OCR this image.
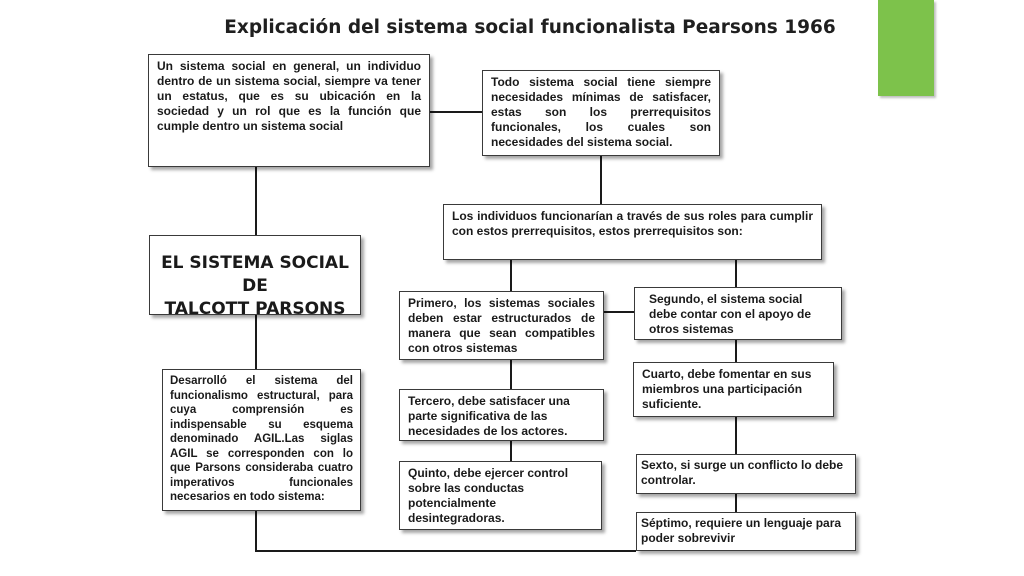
Explicación del sistema social funcionalista Pearsons 1966
Un sistema social en general, un individuo dentro de un sistema social, siempre va tener un estatus, que es su ubicación en la sociedad y un rol que es la función que cumple dentro un sistema social
Todo sistema social tiene siempre necesidades mínimas de satisfacer, estas son los prerrequisitos funcionales, los cuales son necesidades del sistema social.
EL SISTEMA SOCIAL DE
TALCOTT PARSONS
Los individuos funcionarían a través de sus roles para cumplir con estos prerrequisitos, estos prerrequisitos son:
Primero, los sistemas sociales deben estar estructurados de manera que sean compatibles con otros sistemas
Segundo, el sistema social debe contar con el apoyo de otros sistemas
Tercero, debe satisfacer una parte significativa de las necesidades de los actores.
Cuarto, debe fomentar en sus miembros una participación suficiente.
Quinto, debe ejercer control sobre las conductas potencialmente desintegradoras.
Sexto, si surge un conflicto lo debe controlar.
Séptimo, requiere un lenguaje para poder sobrevivir
Desarrolló el sistema del funcionalismo estructural, para cuya comprensión es indispensable su esquema denominado AGIL.Las siglas AGIL se corresponden con lo que Parsons consideraba cuatro imperativos funcionales necesarios en todo sistema:
